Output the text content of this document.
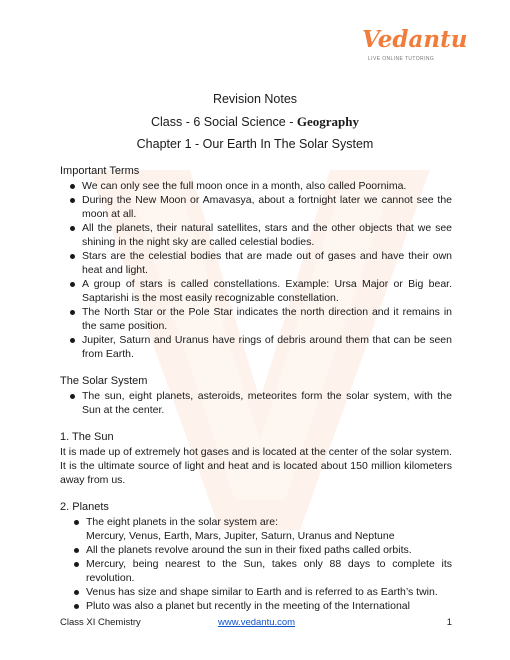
Vedantu
LIVE ONLINE TUTORING
Revision Notes
Class - 6 Social Science - Geography
Chapter 1 - Our Earth In The Solar System

Important Terms

We can only see the full moon once in a month, also called Poornima.
During the New Moon or Amavasya, about a fortnight later we cannot see the moon at all.
All the planets, their natural satellites, stars and the other objects that we see shining in the night sky are called celestial bodies.
Stars are the celestial bodies that are made out of gases and have their own heat and light.
A group of stars is called constellations. Example: Ursa Major or Big bear. Saptarishi is the most easily recognizable constellation.
The North Star or the Pole Star indicates the north direction and it remains in the same position.
Jupiter, Saturn and Uranus have rings of debris around them that can be seen from Earth.

The Solar System

The sun, eight planets, asteroids, meteorites form the solar system, with the Sun at the center.

1. The Sun

It is made up of extremely hot gases and is located at the center of the solar system. It is the ultimate source of light and heat and is located about 150 million kilometers away from us.

2. Planets

The eight planets in the solar system are:
Mercury, Venus, Earth, Mars, Jupiter, Saturn, Uranus and Neptune
All the planets revolve around the sun in their fixed paths called orbits.
Mercury, being nearest to the Sun, takes only 88 days to complete its revolution.
Venus has size and shape similar to Earth and is referred to as Earth’s twin.
Pluto was also a planet but recently in the meeting of the International
Class XI Chemistry	www.vedantu.com	1
